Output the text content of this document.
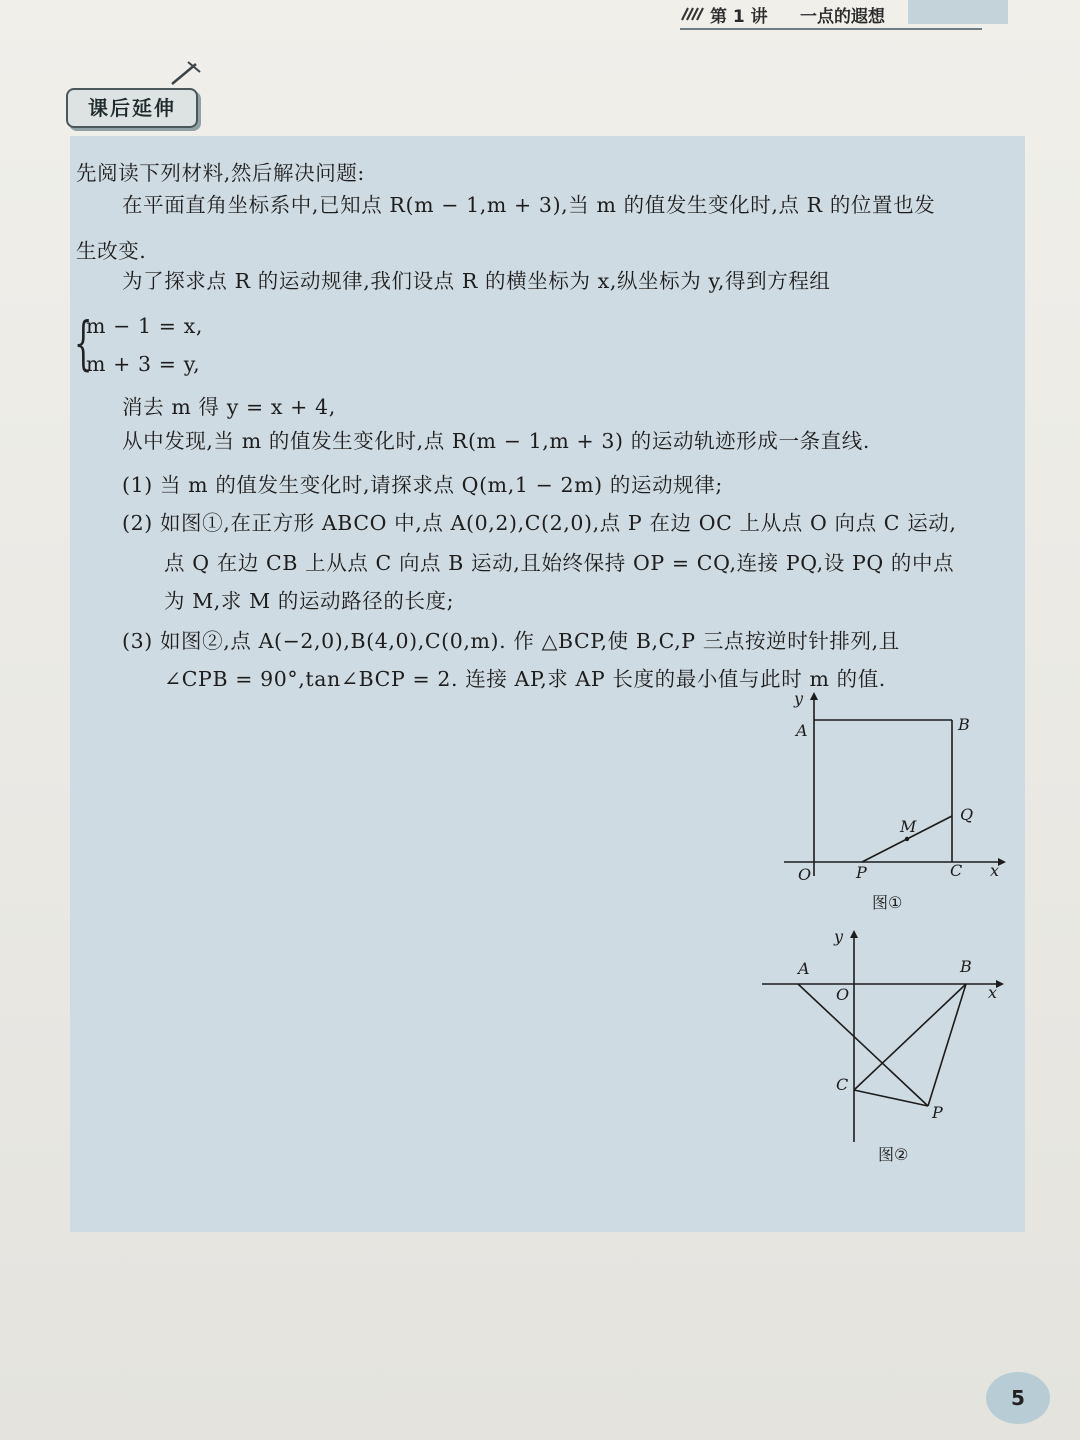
第 1 讲 一点的遐想
课后延伸
先阅读下列材料,然后解决问题:
在平面直角坐标系中,已知点 R(m − 1,m + 3),当 m 的值发生变化时,点 R 的位置也发
生改变.
为了探求点 R 的运动规律,我们设点 R 的横坐标为 x,纵坐标为 y,得到方程组
{
m − 1 = x,
m + 3 = y,
消去 m 得 y = x + 4,
从中发现,当 m 的值发生变化时,点 R(m − 1,m + 3) 的运动轨迹形成一条直线.
(1) 当 m 的值发生变化时,请探求点 Q(m,1 − 2m) 的运动规律;
(2) 如图①,在正方形 ABCO 中,点 A(0,2),C(2,0),点 P 在边 OC 上从点 O 向点 C 运动,
点 Q 在边 CB 上从点 C 向点 B 运动,且始终保持 OP = CQ,连接 PQ,设 PQ 的中点
为 M,求 M 的运动路径的长度;
(3) 如图②,点 A(−2,0),B(4,0),C(0,m). 作 △BCP,使 B,C,P 三点按逆时针排列,且
∠CPB = 90°,tan∠BCP = 2. 连接 AP,求 AP 长度的最小值与此时 m 的值.
y
A	B
M
Q
O	P	C x
图①
y
A	B
O	x
C
P
图②
5
